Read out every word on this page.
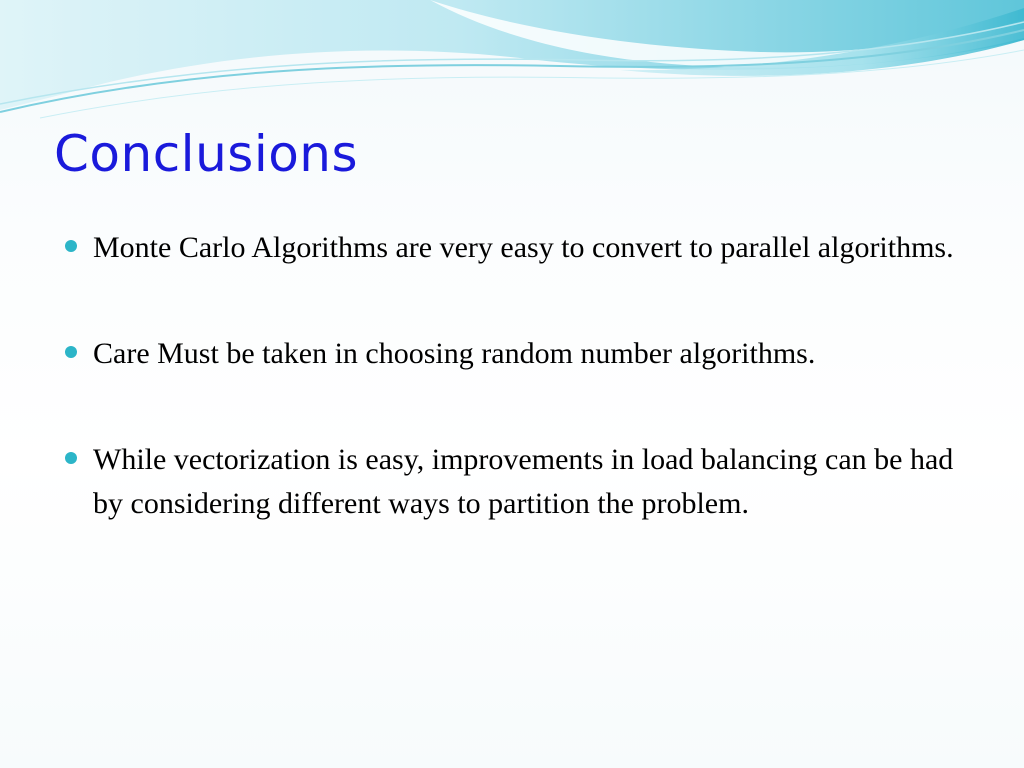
Conclusions
Monte Carlo Algorithms are very easy to convert to parallel algorithms.
Care Must be taken in choosing random number algorithms.
While vectorization is easy, improvements in load balancing can be had by considering different ways to partition the problem.
